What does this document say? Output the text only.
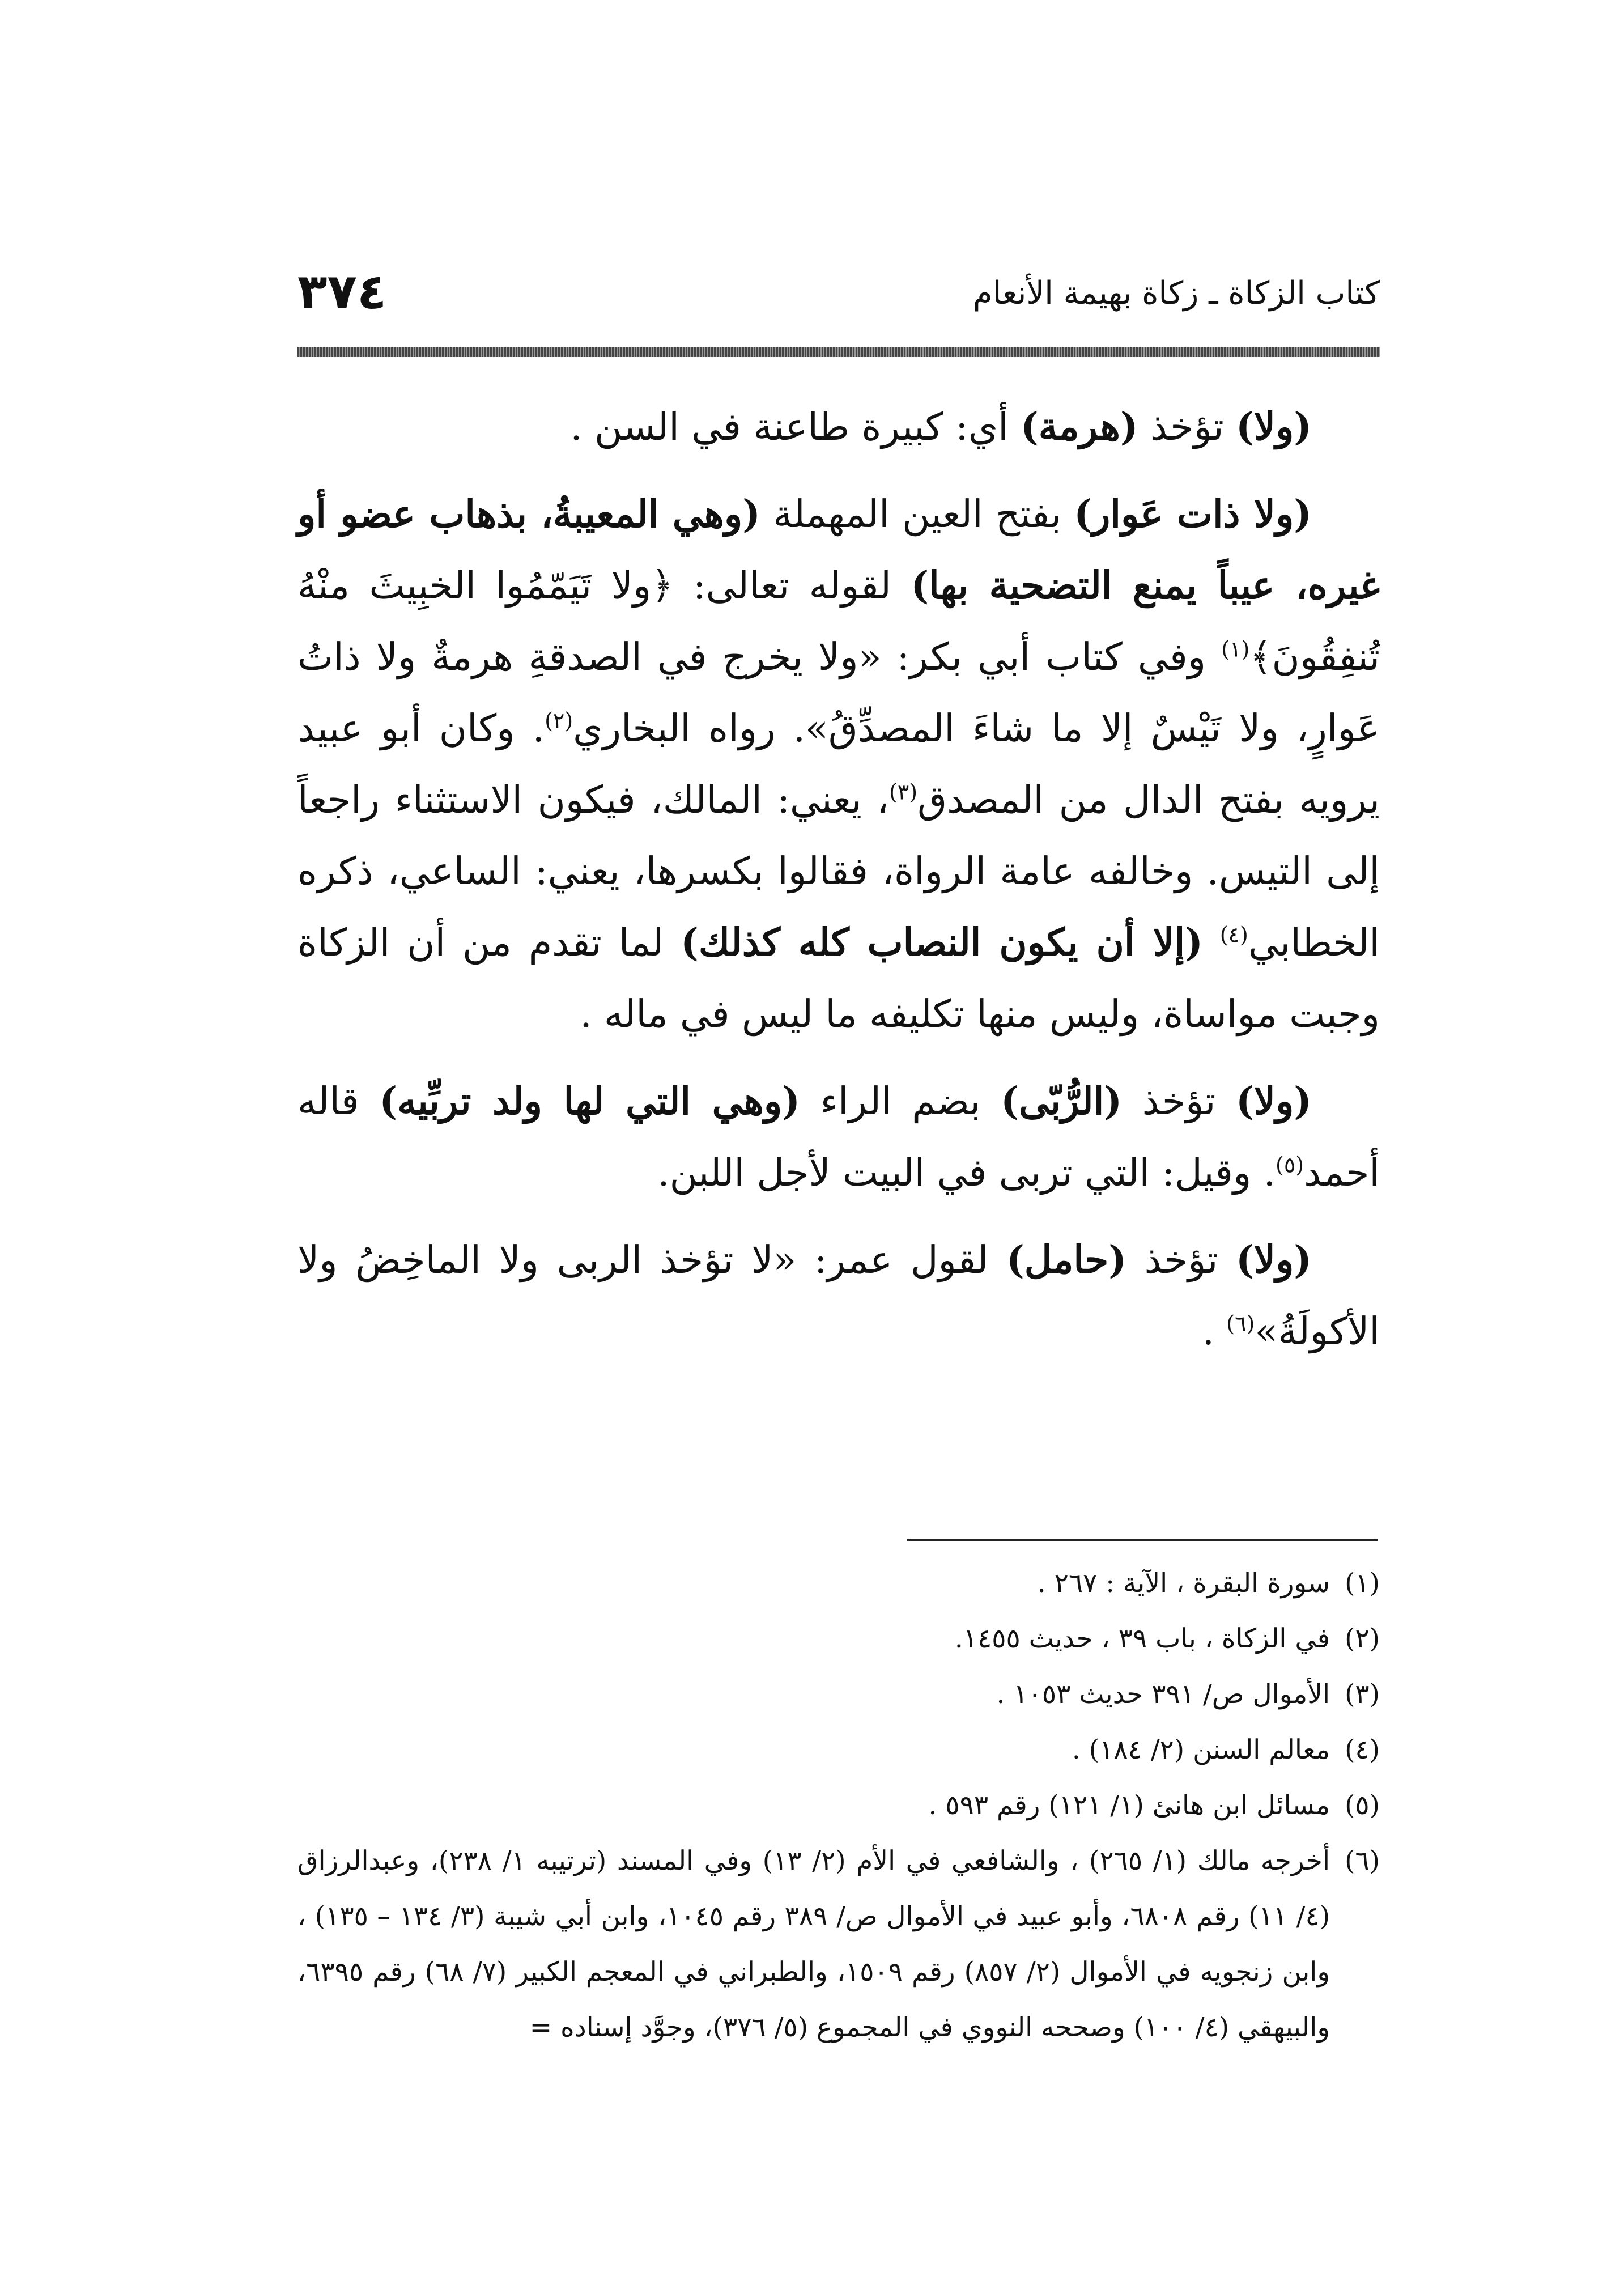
٣٧٤	كتاب الزكاة ـ زكاة بهيمة الأنعام

(ولا) تؤخذ (هرمة) أي: كبيرة طاعنة في السن .

(ولا ذات عَوار) بفتح العين المهملة (وهي المعيبةُ، بذهاب عضو أو غيره، عيباً يمنع التضحية بها) لقوله تعالى: ﴿ولا تَيَمّمُوا الخبِيثَ منْهُ تُنفِقُونَ﴾$^{(١)}$ وفي كتاب أبي بكر: «ولا يخرج في الصدقةِ هرمةٌ ولا ذاتُ عَوارٍ، ولا تَيْسٌ إلا ما شاءَ المصدِّقُ». رواه البخاري$^{(٢)}$. وكان أبو عبيد يرويه بفتح الدال من المصدق$^{(٣)}$، يعني: المالك، فيكون الاستثناء راجعاً إلى التيس. وخالفه عامة الرواة، فقالوا بكسرها، يعني: الساعي، ذكره الخطابي$^{(٤)}$ (إلا أن يكون النصاب كله كذلك) لما تقدم من أن الزكاة وجبت مواساة، وليس منها تكليفه ما ليس في ماله .

(ولا) تؤخذ (الرُّبّى) بضم الراء (وهي التي لها ولد تربِّيه) قاله أحمد$^{(٥)}$. وقيل: التي تربى في البيت لأجل اللبن.

(ولا) تؤخذ (حامل) لقول عمر: «لا تؤخذ الربى ولا الماخِضُ ولا الأكولَةُ»$^{(٦)}$ .

(١)
سورة البقرة ، الآية : ٢٦٧ .
(٢)
في الزكاة ، باب ٣٩ ، حديث ١٤٥٥.
(٣)
الأموال ص/ ٣٩١ حديث ١٠٥٣ .
(٤)
معالم السنن (٢/ ١٨٤) .
(٥)
مسائل ابن هانئ (١/ ١٢١) رقم ٥٩٣ .
(٦)
أخرجه مالك (١/ ٢٦٥) ، والشافعي في الأم (٢/ ١٣) وفي المسند (ترتيبه ١/ ٢٣٨)، وعبدالرزاق (٤/ ١١) رقم ٦٨٠٨، وأبو عبيد في الأموال ص/ ٣٨٩ رقم ١٠٤٥، وابن أبي شيبة (٣/ ١٣٤ – ١٣٥) ، وابن زنجويه في الأموال (٢/ ٨٥٧) رقم ١٥٠٩، والطبراني في المعجم الكبير (٧/ ٦٨) رقم ٦٣٩٥، والبيهقي (٤/ ١٠٠) وصححه النووي في المجموع (٥/ ٣٧٦)، وجوَّد إسناده =
